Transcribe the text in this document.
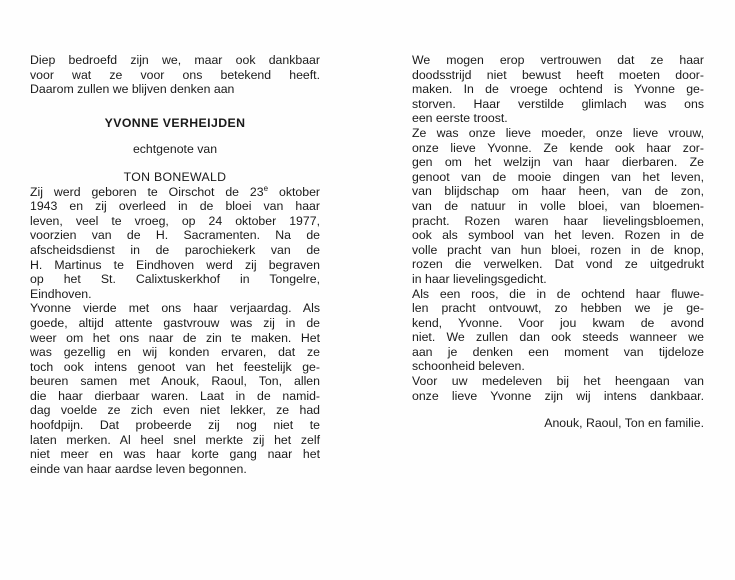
Diep bedroefd zijn we, maar ook dankbaar
voor wat ze voor ons betekend heeft.
Daarom zullen we blijven denken aan

YVONNE VERHEIJDEN
echtgenote van
TON BONEWALD

Zij werd geboren te Oirschot de 23e oktober
1943 en zij overleed in de bloei van haar
leven, veel te vroeg, op 24 oktober 1977,
voorzien van de H. Sacramenten. Na de
afscheidsdienst in de parochiekerk van de
H. Martinus te Eindhoven werd zij begraven
op het St. Calixtuskerkhof in Tongelre,
Eindhoven.

Yvonne vierde met ons haar verjaardag. Als
goede, altijd attente gastvrouw was zij in de
weer om het ons naar de zin te maken. Het
was gezellig en wij konden ervaren, dat ze
toch ook intens genoot van het feestelijk ge-
beuren samen met Anouk, Raoul, Ton, allen
die haar dierbaar waren. Laat in de namid-
dag voelde ze zich even niet lekker, ze had
hoofdpijn. Dat probeerde zij nog niet te
laten merken. Al heel snel merkte zij het zelf
niet meer en was haar korte gang naar het
einde van haar aardse leven begonnen.

We mogen erop vertrouwen dat ze haar
doodsstrijd niet bewust heeft moeten door-
maken. In de vroege ochtend is Yvonne ge-
storven. Haar verstilde glimlach was ons
een eerste troost.

Ze was onze lieve moeder, onze lieve vrouw,
onze lieve Yvonne. Ze kende ook haar zor-
gen om het welzijn van haar dierbaren. Ze
genoot van de mooie dingen van het leven,
van blijdschap om haar heen, van de zon,
van de natuur in volle bloei, van bloemen-
pracht. Rozen waren haar lievelingsbloemen,
ook als symbool van het leven. Rozen in de
volle pracht van hun bloei, rozen in de knop,
rozen die verwelken. Dat vond ze uitgedrukt
in haar lievelingsgedicht.

Als een roos, die in de ochtend haar fluwe-
len pracht ontvouwt, zo hebben we je ge-
kend, Yvonne. Voor jou kwam de avond
niet. We zullen dan ook steeds wanneer we
aan je denken een moment van tijdeloze
schoonheid beleven.

Voor uw medeleven bij het heengaan van
onze lieve Yvonne zijn wij intens dankbaar.

Anouk, Raoul, Ton en familie.
